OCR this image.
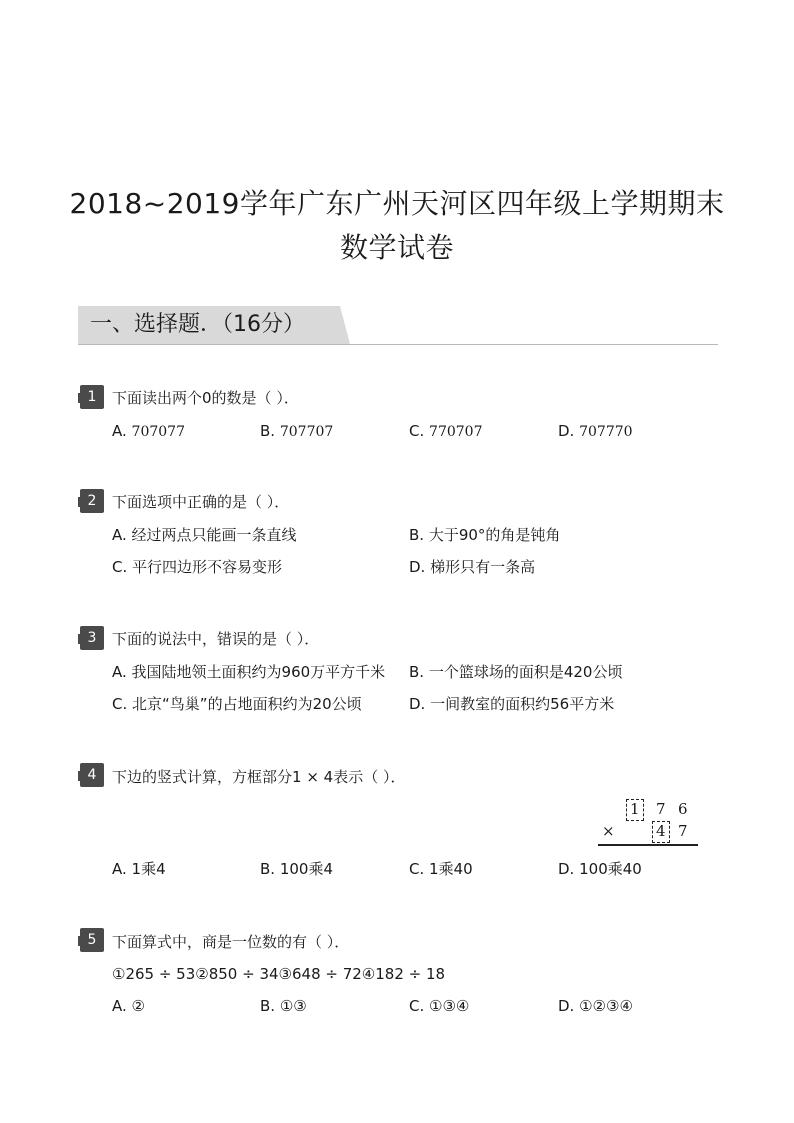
2018~2019学年广东广州天河区四年级上学期期末
数学试卷
一、选择题．（16分）
1	下面读出两个0的数是（ ）．
A. 707077	B. 707707	C. 770707	D. 707770
2	下面选项中正确的是（ ）．
A. 经过两点只能画一条直线	B. 大于90°的角是钝角
C. 平行四边形不容易变形	D. 梯形只有一条高
3	下面的说法中，错误的是（ ）．
A. 我国陆地领土面积约为960万平方千米 B. 一个篮球场的面积是420公顷
C. 北京“鸟巢”的占地面积约为20公顷	D. 一间教室的面积约56平方米
4	下边的竖式计算，方框部分1 × 4表示（ ）．
1 7 6
×	4 7
A. 1乘4	B. 100乘4	C. 1乘40	D. 100乘40
5	下面算式中，商是一位数的有（ ）．
①265 ÷ 53②850 ÷ 34③648 ÷ 72④182 ÷ 18
A. ②	B. ①③	C. ①③④	D. ①②③④
